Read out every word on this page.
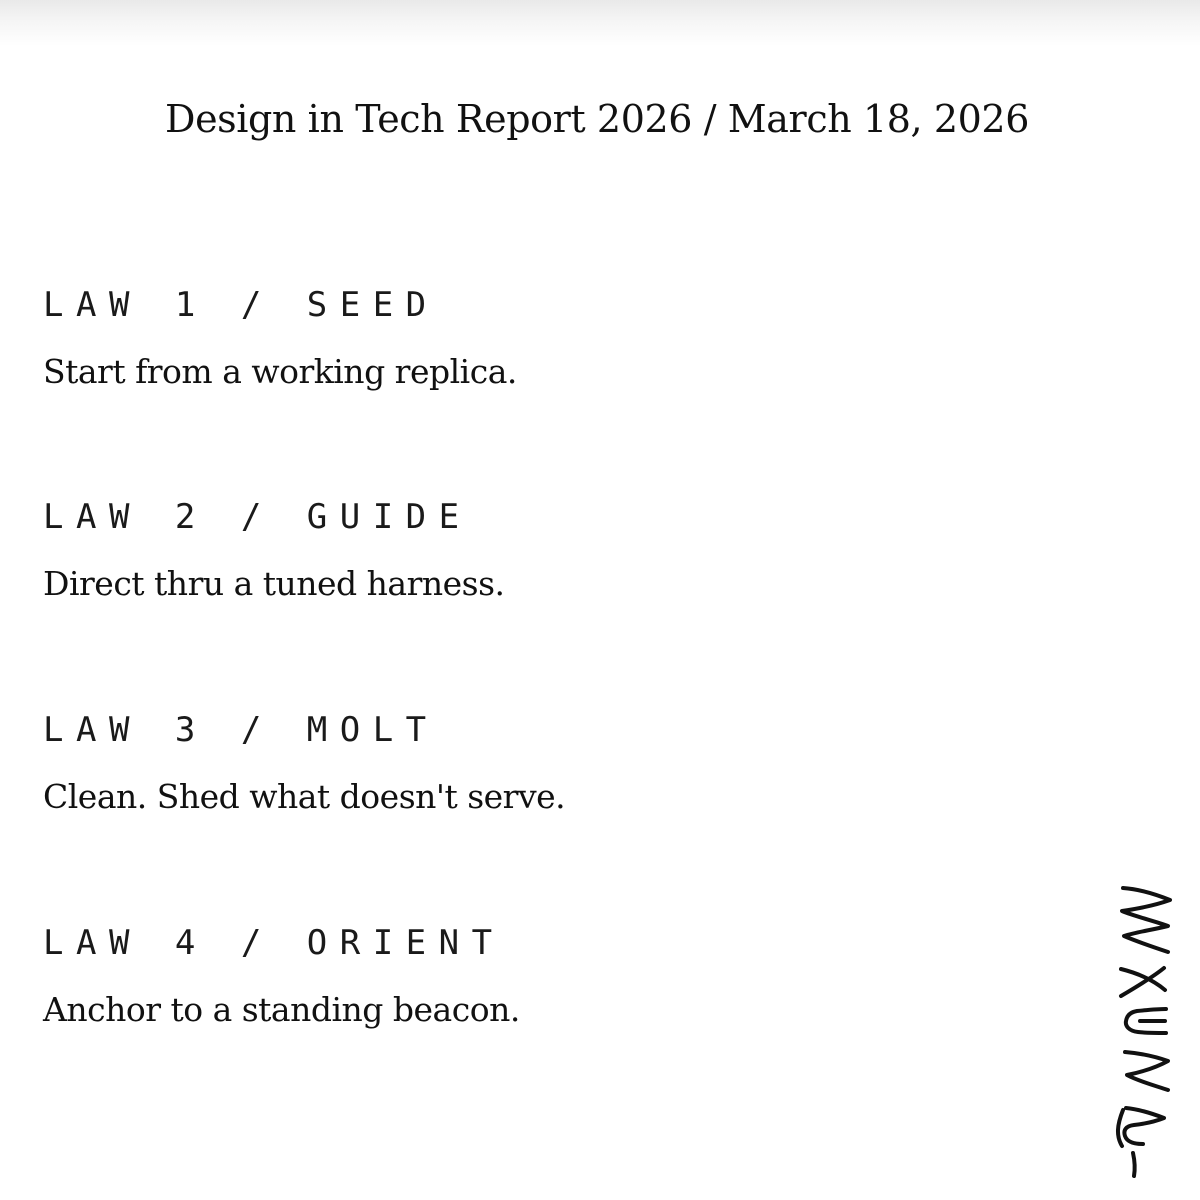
Design in Tech Report 2026 / March 18, 2026
LAW 1 / SEED
Start from a working replica.
LAW 2 / GUIDE
Direct thru a tuned harness.
LAW 3 / MOLT
Clean. Shed what doesn't serve.
LAW 4 / ORIENT
Anchor to a standing beacon.
